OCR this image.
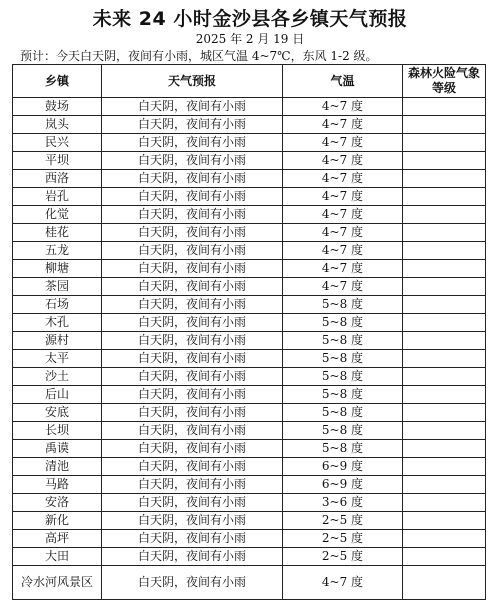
未来 24 小时金沙县各乡镇天气预报
2025 年 2 月 19 日
预计：今天白天阴，夜间有小雨，城区气温 4~7℃，东风 1-2 级。
乡镇	天气预报	气温	森林火险气象等级
鼓场	白天阴，夜间有小雨	4~7 度	
岚头	白天阴，夜间有小雨	4~7 度	
民兴	白天阴，夜间有小雨	4~7 度	
平坝	白天阴，夜间有小雨	4~7 度	
西洛	白天阴，夜间有小雨	4~7 度	
岩孔	白天阴，夜间有小雨	4~7 度	
化觉	白天阴，夜间有小雨	4~7 度	
桂花	白天阴，夜间有小雨	4~7 度	
五龙	白天阴，夜间有小雨	4~7 度	
柳塘	白天阴，夜间有小雨	4~7 度	
茶园	白天阴，夜间有小雨	4~7 度	
石场	白天阴，夜间有小雨	5~8 度	
木孔	白天阴，夜间有小雨	5~8 度	
源村	白天阴，夜间有小雨	5~8 度	
太平	白天阴，夜间有小雨	5~8 度	
沙土	白天阴，夜间有小雨	5~8 度	
后山	白天阴，夜间有小雨	5~8 度	
安底	白天阴，夜间有小雨	5~8 度	
长坝	白天阴，夜间有小雨	5~8 度	
禹谟	白天阴，夜间有小雨	5~8 度	
清池	白天阴，夜间有小雨	6~9 度	
马路	白天阴，夜间有小雨	6~9 度	
安洛	白天阴，夜间有小雨	3~6 度	
新化	白天阴，夜间有小雨	2~5 度	
高坪	白天阴，夜间有小雨	2~5 度	
大田	白天阴，夜间有小雨	2~5 度	
冷水河风景区	白天阴，夜间有小雨	4~7 度	
